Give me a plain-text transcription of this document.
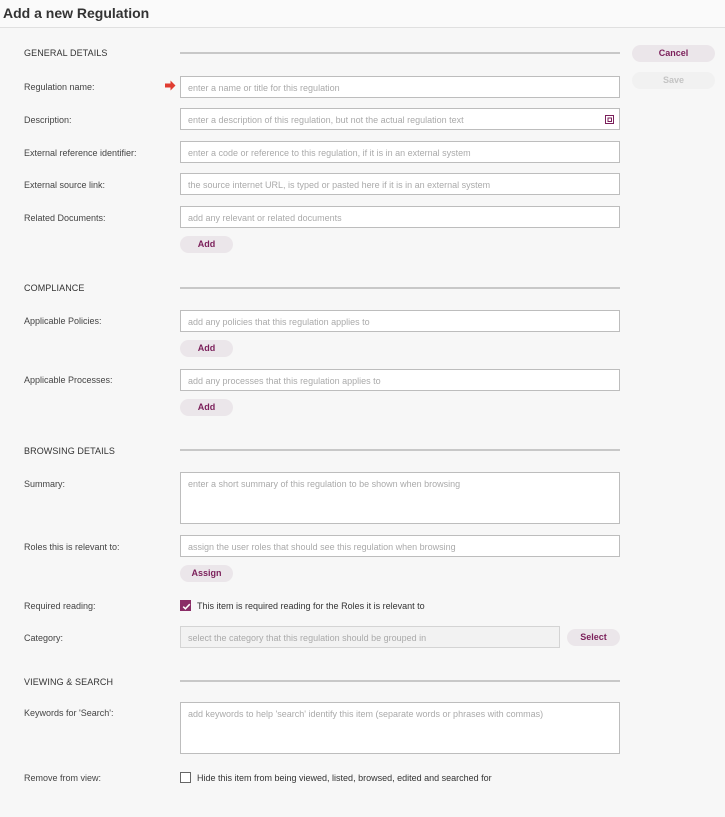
Add a new Regulation
Cancel
Save
GENERAL DETAILS
Regulation name:	enter a name or title for this regulation
Description:	enter a description of this regulation, but not the actual regulation text
External reference identifier:	enter a code or reference to this regulation, if it is in an external system
External source link:	the source internet URL, is typed or pasted here if it is in an external system
Related Documents:	add any relevant or related documents
Add
COMPLIANCE
Applicable Policies:	add any policies that this regulation applies to
Add
Applicable Processes:	add any processes that this regulation applies to
Add
BROWSING DETAILS
Summary:	enter a short summary of this regulation to be shown when browsing
Roles this is relevant to:	assign the user roles that should see this regulation when browsing
Assign
Required reading:	This item is required reading for the Roles it is relevant to
Category:	select the category that this regulation should be grouped in	Select
VIEWING & SEARCH
Keywords for 'Search':	add keywords to help 'search' identify this item (separate words or phrases with commas)
Remove from view:	Hide this item from being viewed, listed, browsed, edited and searched for
